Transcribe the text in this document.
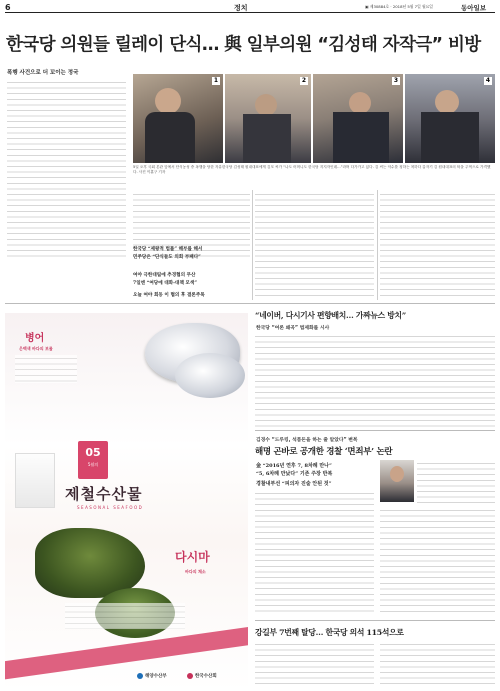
6	정치	▣ 제30884호 · 2018년 5월 7일 월요일	동아일보
한국당 의원들 릴레이 단식… 與 일부의원 “김성태 자작극” 비방
폭행 사건으로 더 꼬이는 정국
1	2	3	4
5일 오후 국회 본관 앞에서 단식농성 중 폭행을 당한 자유한국당 김성태 원내대표에게 김모 씨가 “나도 어머니도 한국당 지지자인데…”라며 다가가고 있다. 김 씨는 악수를 청하는 척하다 갑자기 김 원내대표의 턱을 주먹으로 가격했다. 사진 이훈구 기자
한국당 “제왕적 법률” 해부를 해서
민주당은 “단식들도 의회 부패다”
여야 극한대립에 추경협의 무산
7일엔 “여당에 대화-대책 모색”
오늘 여야 회동 이 협의 후 결론주목
“네이버, 다시기사 편향배치… 가짜뉴스 방치”
한국당 “여론 왜곡” 법제화를 시사
병어
은백색 바다의 보물
05
5월의
제철수산물
SEASONAL SEAFOOD
다시마
바다의 채소
해양수산부	한국수산회
김경수 “드루킹, 석품돈을 하는 줄 알았다” 변복
해명 곤바로 공개한 경찰 ‘면죄부’ 논란
金 “2016년 연후 7, 8차례 만나”
“5, 6차례 만났다” 기존 주장 반복
경찰내부선 “피의자 진술 안된 것”
강길부 7번째 탈당… 한국당 의석 115석으로
